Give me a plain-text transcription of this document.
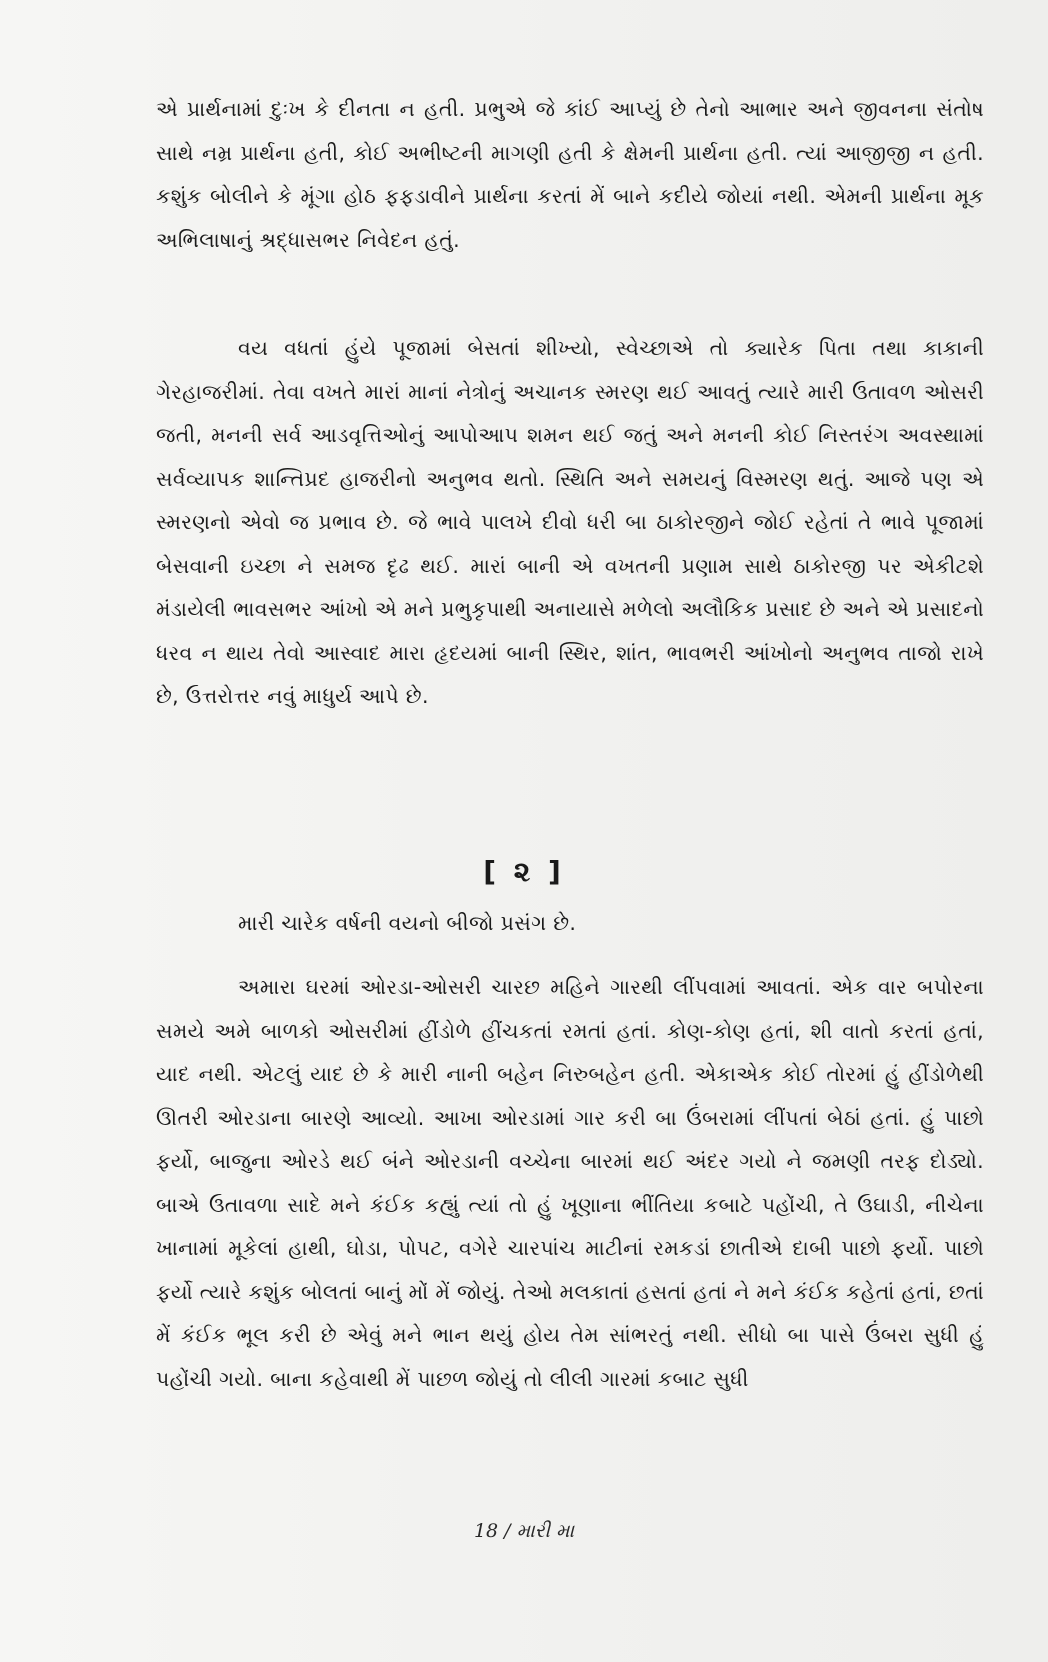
એ પ્રાર્થનામાં દુઃખ કે દીનતા ન હતી. પ્રભુએ જે કાંઈ આપ્યું છે તેનો આભાર અને જીવનના સંતોષ સાથે નમ્ર પ્રાર્થના હતી, કોઈ અભીષ્ટની માગણી હતી કે ક્ષેમની પ્રાર્થના હતી. ત્યાં આજીજી ન હતી. કશુંક બોલીને કે મૂંગા હોઠ ફફડાવીને પ્રાર્થના કરતાં મેં બાને કદીયે જોયાં નથી. એમની પ્રાર્થના મૂક અભિલાષાનું શ્રદ્ધાસભર નિવેદન હતું.

વય વધતાં હુંયે પૂજામાં બેસતાં શીખ્યો, સ્વેચ્છાએ તો ક્યારેક પિતા તથા કાકાની ગેરહાજરીમાં. તેવા વખતે મારાં માનાં નેત્રોનું અચાનક સ્મરણ થઈ આવતું ત્યારે મારી ઉતાવળ ઓસરી જતી, મનની સર્વ આડવૃત્તિઓનું આપોઆપ શમન થઈ જતું અને મનની કોઈ નિસ્તરંગ અવસ્થામાં સર્વવ્યાપક શાન્તિપ્રદ હાજરીનો અનુભવ થતો. સ્થિતિ અને સમયનું વિસ્મરણ થતું. આજે પણ એ સ્મરણનો એવો જ પ્રભાવ છે. જે ભાવે પાલખે દીવો ધરી બા ઠાકોરજીને જોઈ રહેતાં તે ભાવે પૂજામાં બેસવાની ઇચ્છા ને સમજ દૃઢ થઈ. મારાં બાની એ વખતની પ્રણામ સાથે ઠાકોરજી પર એકીટશે મંડાયેલી ભાવસભર આંખો એ મને પ્રભુકૃપાથી અનાયાસે મળેલો અલૌકિક પ્રસાદ છે અને એ પ્રસાદનો ધરવ ન થાય તેવો આસ્વાદ મારા હૃદયમાં બાની સ્થિર, શાંત, ભાવભરી આંખોનો અનુભવ તાજો રાખે છે, ઉત્તરોત્તર નવું માધુર્ય આપે છે.

[ ૨ ]

મારી ચારેક વર્ષની વયનો બીજો પ્રસંગ છે.

અમારા ઘરમાં ઓરડા-ઓસરી ચારછ મહિને ગારથી લીંપવામાં આવતાં. એક વાર બપોરના સમયે અમે બાળકો ઓસરીમાં હીંડોળે હીંચકતાં રમતાં હતાં. કોણ-કોણ હતાં, શી વાતો કરતાં હતાં, યાદ નથી. એટલું યાદ છે કે મારી નાની બહેન નિરુબહેન હતી. એકાએક કોઈ તોરમાં હું હીંડોળેથી ઊતરી ઓરડાના બારણે આવ્યો. આખા ઓરડામાં ગાર કરી બા ઉંબરામાં લીંપતાં બેઠાં હતાં. હું પાછો ફર્યો, બાજુના ઓરડે થઈ બંને ઓરડાની વચ્ચેના બારમાં થઈ અંદર ગયો ને જમણી તરફ દોડ્યો. બાએ ઉતાવળા સાદે મને કંઈક કહ્યું ત્યાં તો હું ખૂણાના ભીંતિયા કબાટે પહોંચી, તે ઉઘાડી, નીચેના ખાનામાં મૂકેલાં હાથી, ઘોડા, પોપટ, વગેરે ચારપાંચ માટીનાં રમકડાં છાતીએ દાબી પાછો ફર્યો. પાછો ફર્યો ત્યારે કશુંક બોલતાં બાનું મોં મેં જોયું. તેઓ મલકાતાં હસતાં હતાં ને મને કંઈક કહેતાં હતાં, છતાં મેં કંઈક ભૂલ કરી છે એવું મને ભાન થયું હોય તેમ સાંભરતું નથી. સીધો બા પાસે ઉંબરા સુધી હું પહોંચી ગયો. બાના કહેવાથી મેં પાછળ જોયું તો લીલી ગારમાં કબાટ સુધી

18 / મારી મા
